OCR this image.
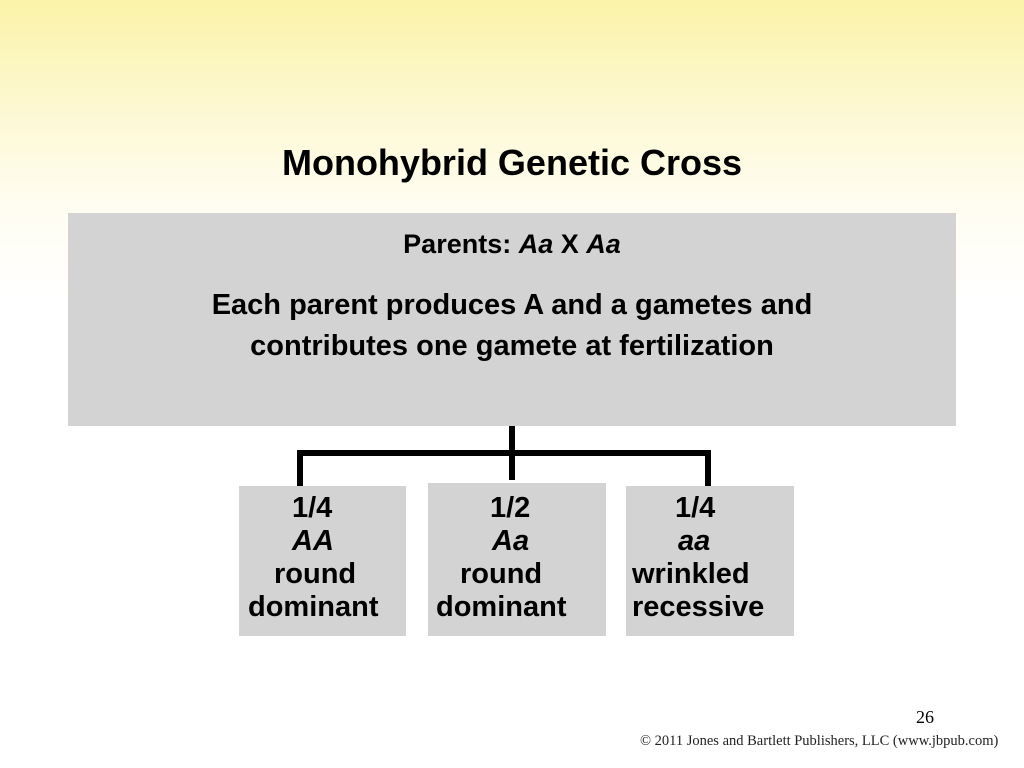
Monohybrid Genetic Cross
Parents: Aa X Aa
Each parent produces A and a gametes and
contributes one gamete at fertilization
1/4
AA
round
dominant
1/2
Aa
round
dominant
1/4
aa
wrinkled
recessive
26
© 2011 Jones and Bartlett Publishers, LLC (www.jbpub.com)
